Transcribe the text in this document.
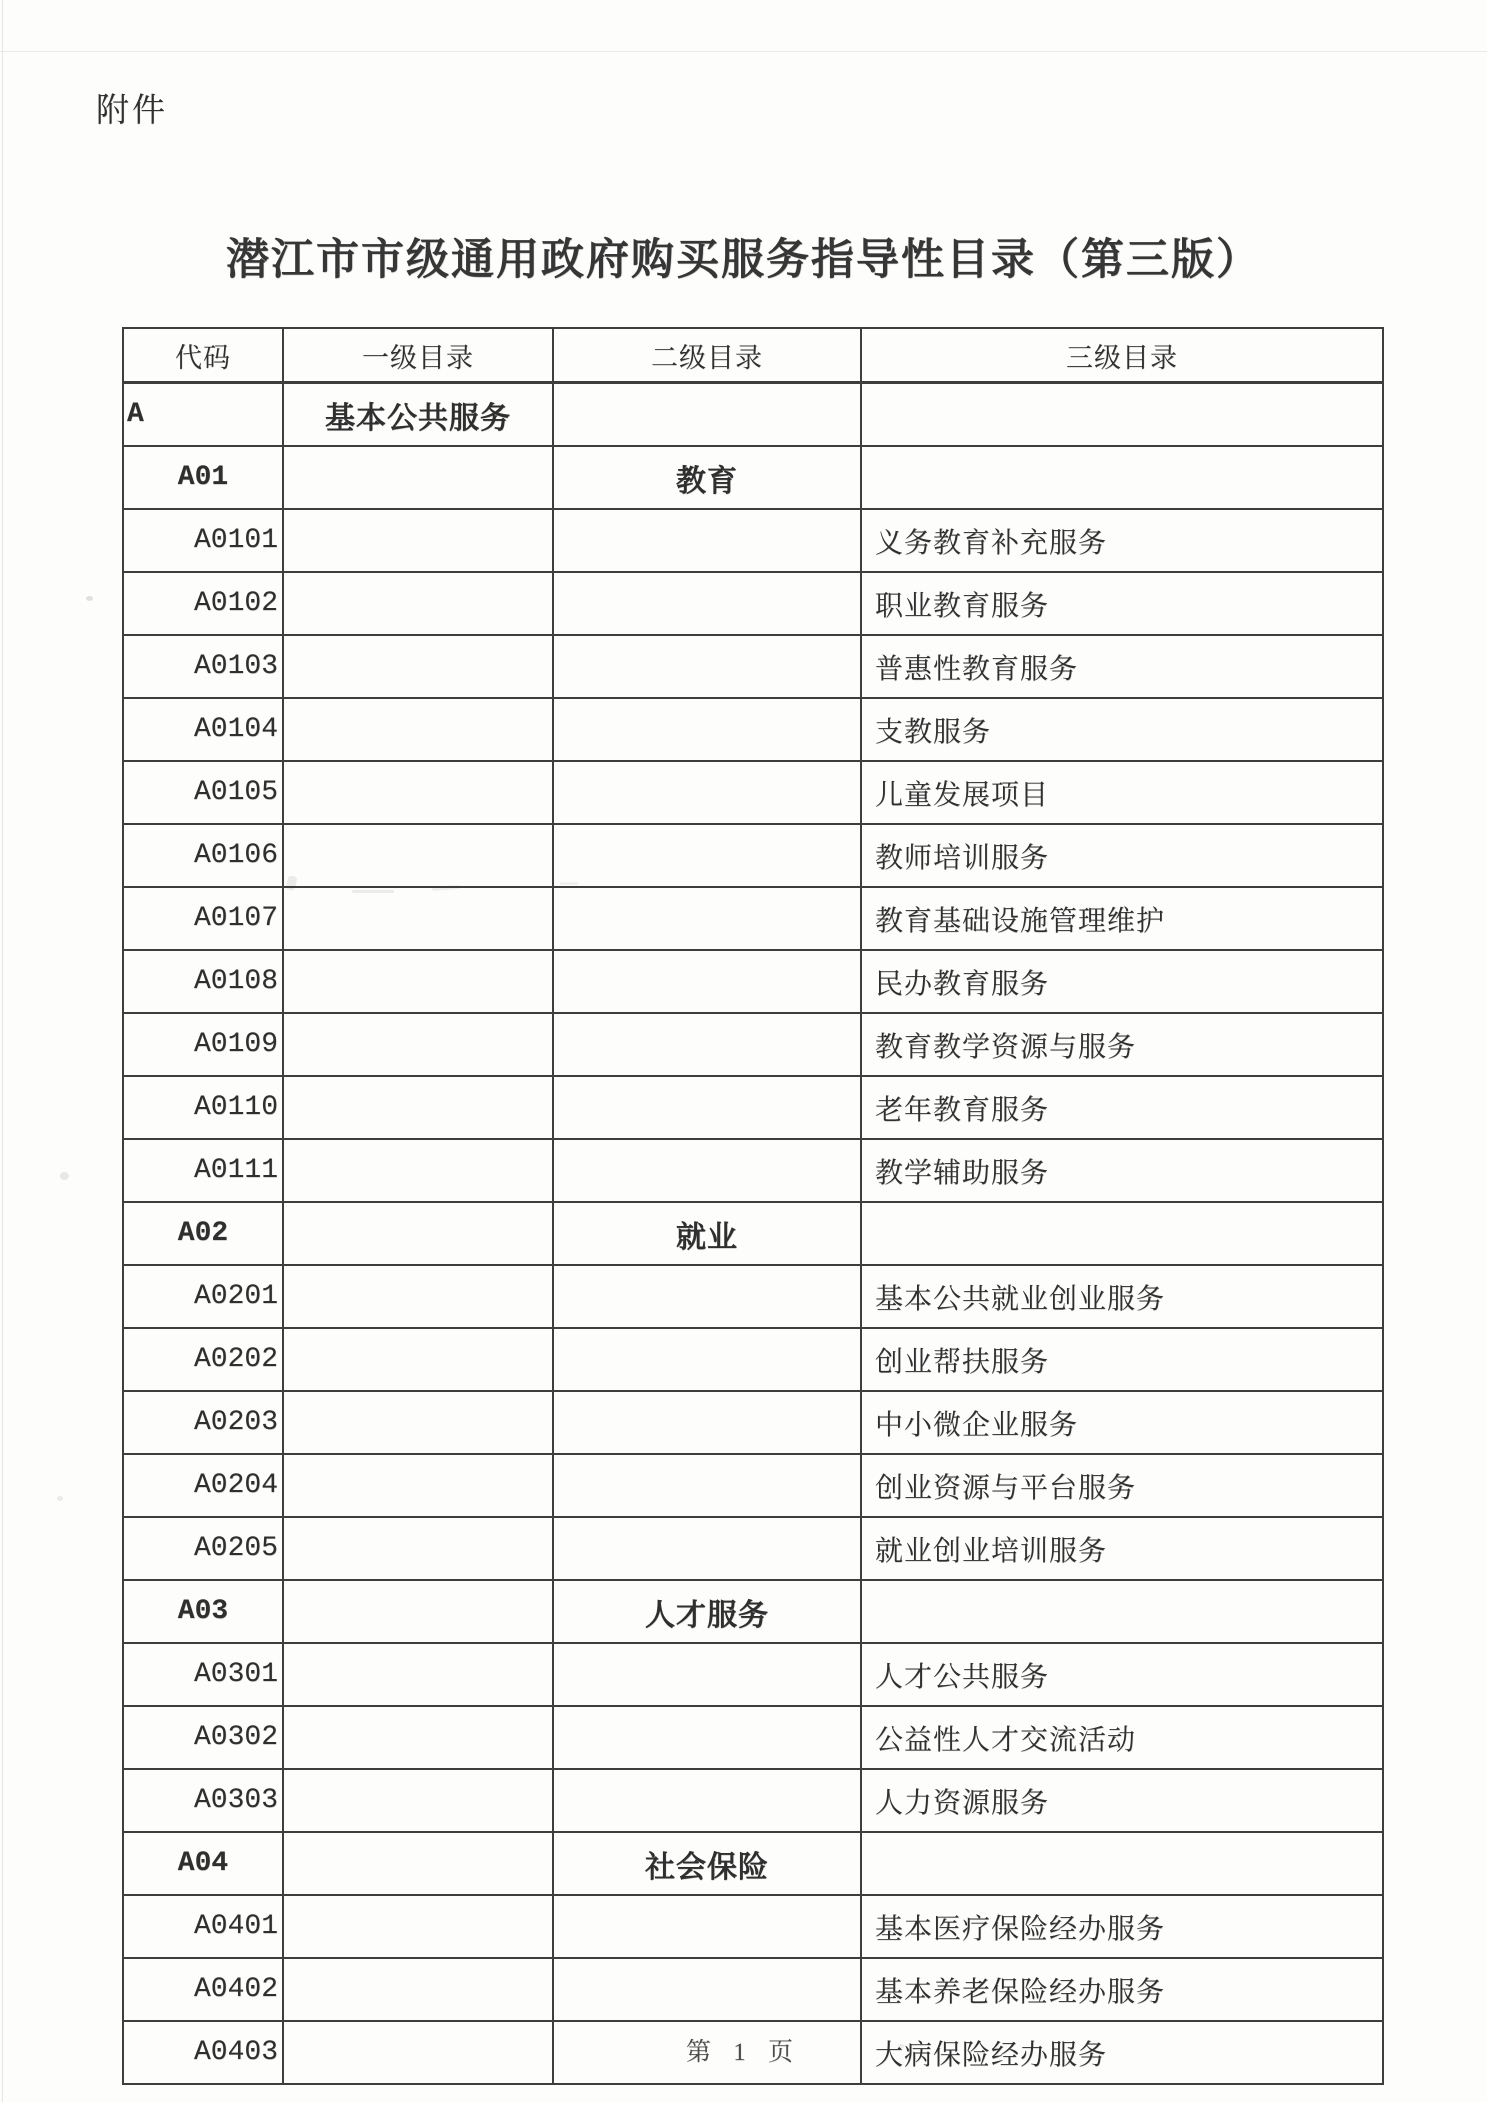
附件
潜江市市级通用政府购买服务指导性目录（第三版）
代码	一级目录	二级目录	三级目录
A	基本公共服务		
A01		教育	
A0101			义务教育补充服务
A0102			职业教育服务
A0103			普惠性教育服务
A0104			支教服务
A0105			儿童发展项目
A0106			教师培训服务
A0107			教育基础设施管理维护
A0108			民办教育服务
A0109			教育教学资源与服务
A0110			老年教育服务
A0111			教学辅助服务
A02		就业	
A0201			基本公共就业创业服务
A0202			创业帮扶服务
A0203			中小微企业服务
A0204			创业资源与平台服务
A0205			就业创业培训服务
A03		人才服务	
A0301			人才公共服务
A0302			公益性人才交流活动
A0303			人力资源服务
A04		社会保险	
A0401			基本医疗保险经办服务
A0402			基本养老保险经办服务
A0403			大病保险经办服务
第 1 页
